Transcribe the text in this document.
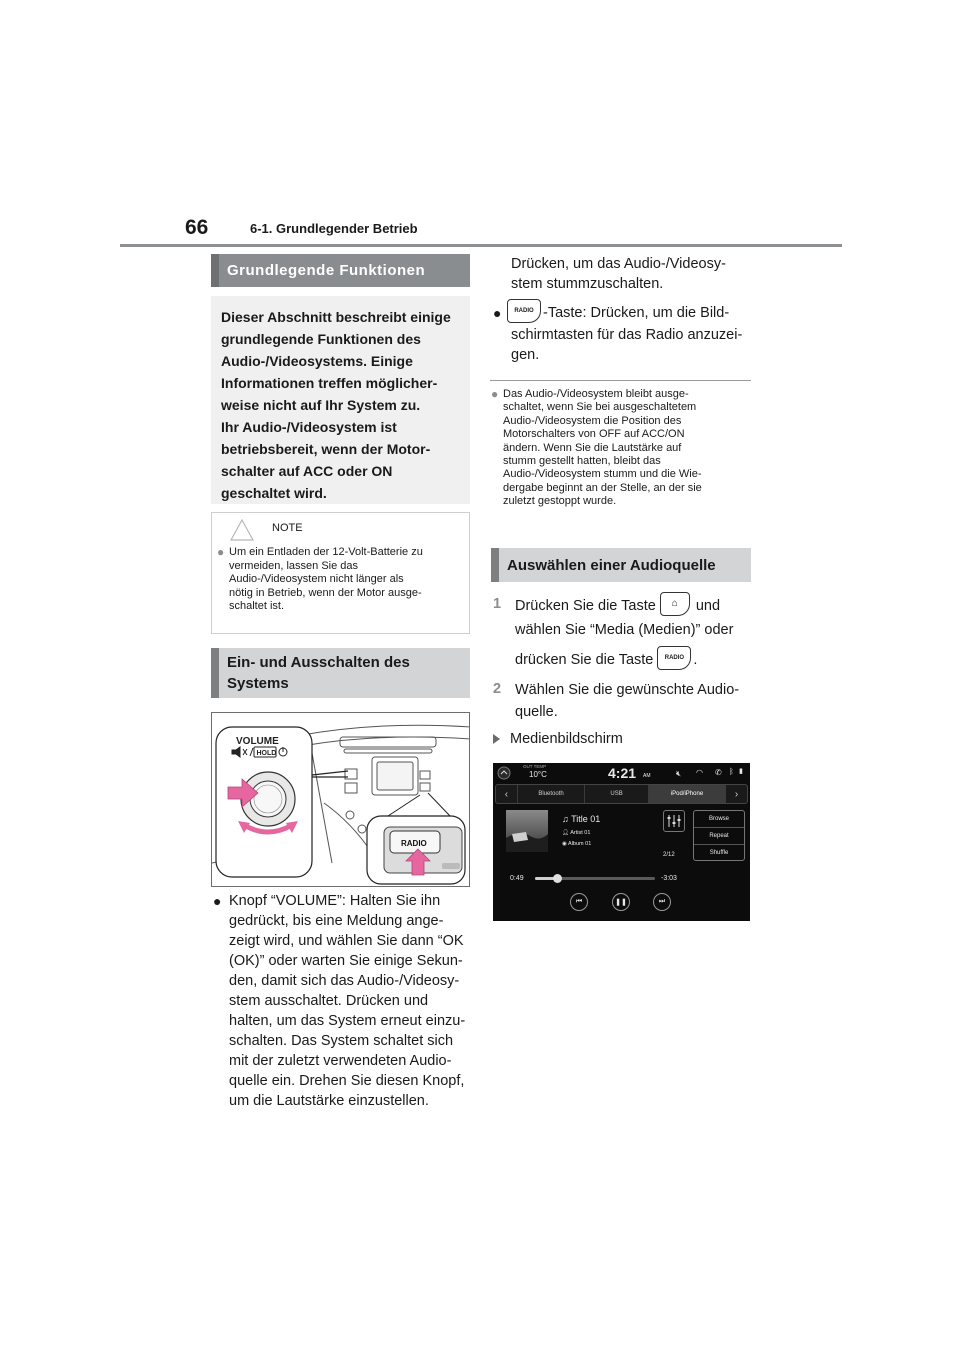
66	6-1. Grundlegender Betrieb
Grundlegende Funktionen
Dieser Abschnitt beschreibt einige
grundlegende Funktionen des
Audio-/Videosystems. Einige
Informationen treffen möglicher-
weise nicht auf Ihr System zu.
Ihr Audio-/Videosystem ist
betriebsbereit, wenn der Motor-
schalter auf ACC oder ON
geschaltet wird.
NOTE
● Um ein Entladen der 12-Volt-Batterie zu
vermeiden, lassen Sie das
Audio-/Videosystem nicht länger als
nötig in Betrieb, wenn der Motor ausge-
schaltet ist.
Ein- und Ausschalten des
Systems
VOLUME
HOLD
RADIO
● Knopf “VOLUME”: Halten Sie ihn
gedrückt, bis eine Meldung ange-
zeigt wird, und wählen Sie dann “OK
(OK)” oder warten Sie einige Sekun-
den, damit sich das Audio-/Videosy-
stem ausschaltet. Drücken und
halten, um das System erneut einzu-
schalten. Das System schaltet sich
mit der zuletzt verwendeten Audio-
quelle ein. Drehen Sie diesen Knopf,
um die Lautstärke einzustellen.
Drücken, um das Audio-/Videosy-
stem stummzuschalten.
●	RADIO -Taste: Drücken, um die Bild-
schirmtasten für das Radio anzuzei-
gen.
● Das Audio-/Videosystem bleibt ausge-
schaltet, wenn Sie bei ausgeschaltetem
Audio-/Videosystem die Position des
Motorschalters von OFF auf ACC/ON
ändern. Wenn Sie die Lautstärke auf
stumm gestellt hatten, bleibt das
Audio-/Videosystem stumm und die Wie-
dergabe beginnt an der Stelle, an der sie
zuletzt gestoppt wurde.
Auswählen einer Audioquelle
1 Drücken Sie die Taste ⌂ und
wählen Sie “Media (Medien)” oder
drücken Sie die Taste RADIO .
2 Wählen Sie die gewünschte Audio-
quelle.
Medienbildschirm
OUT TEMP
10°C	4:21 AM	🔇︎ ◠ ✆ ᛒ ▮
‹	Bluetooth	USB	iPod/iPhone	›
♫ Title 01
👤︎ Artist 01
◉ Album 01
2/12
Browse
Repeat
Shuffle
0:49	-3:03
⏮︎	❚❚	⏭︎
